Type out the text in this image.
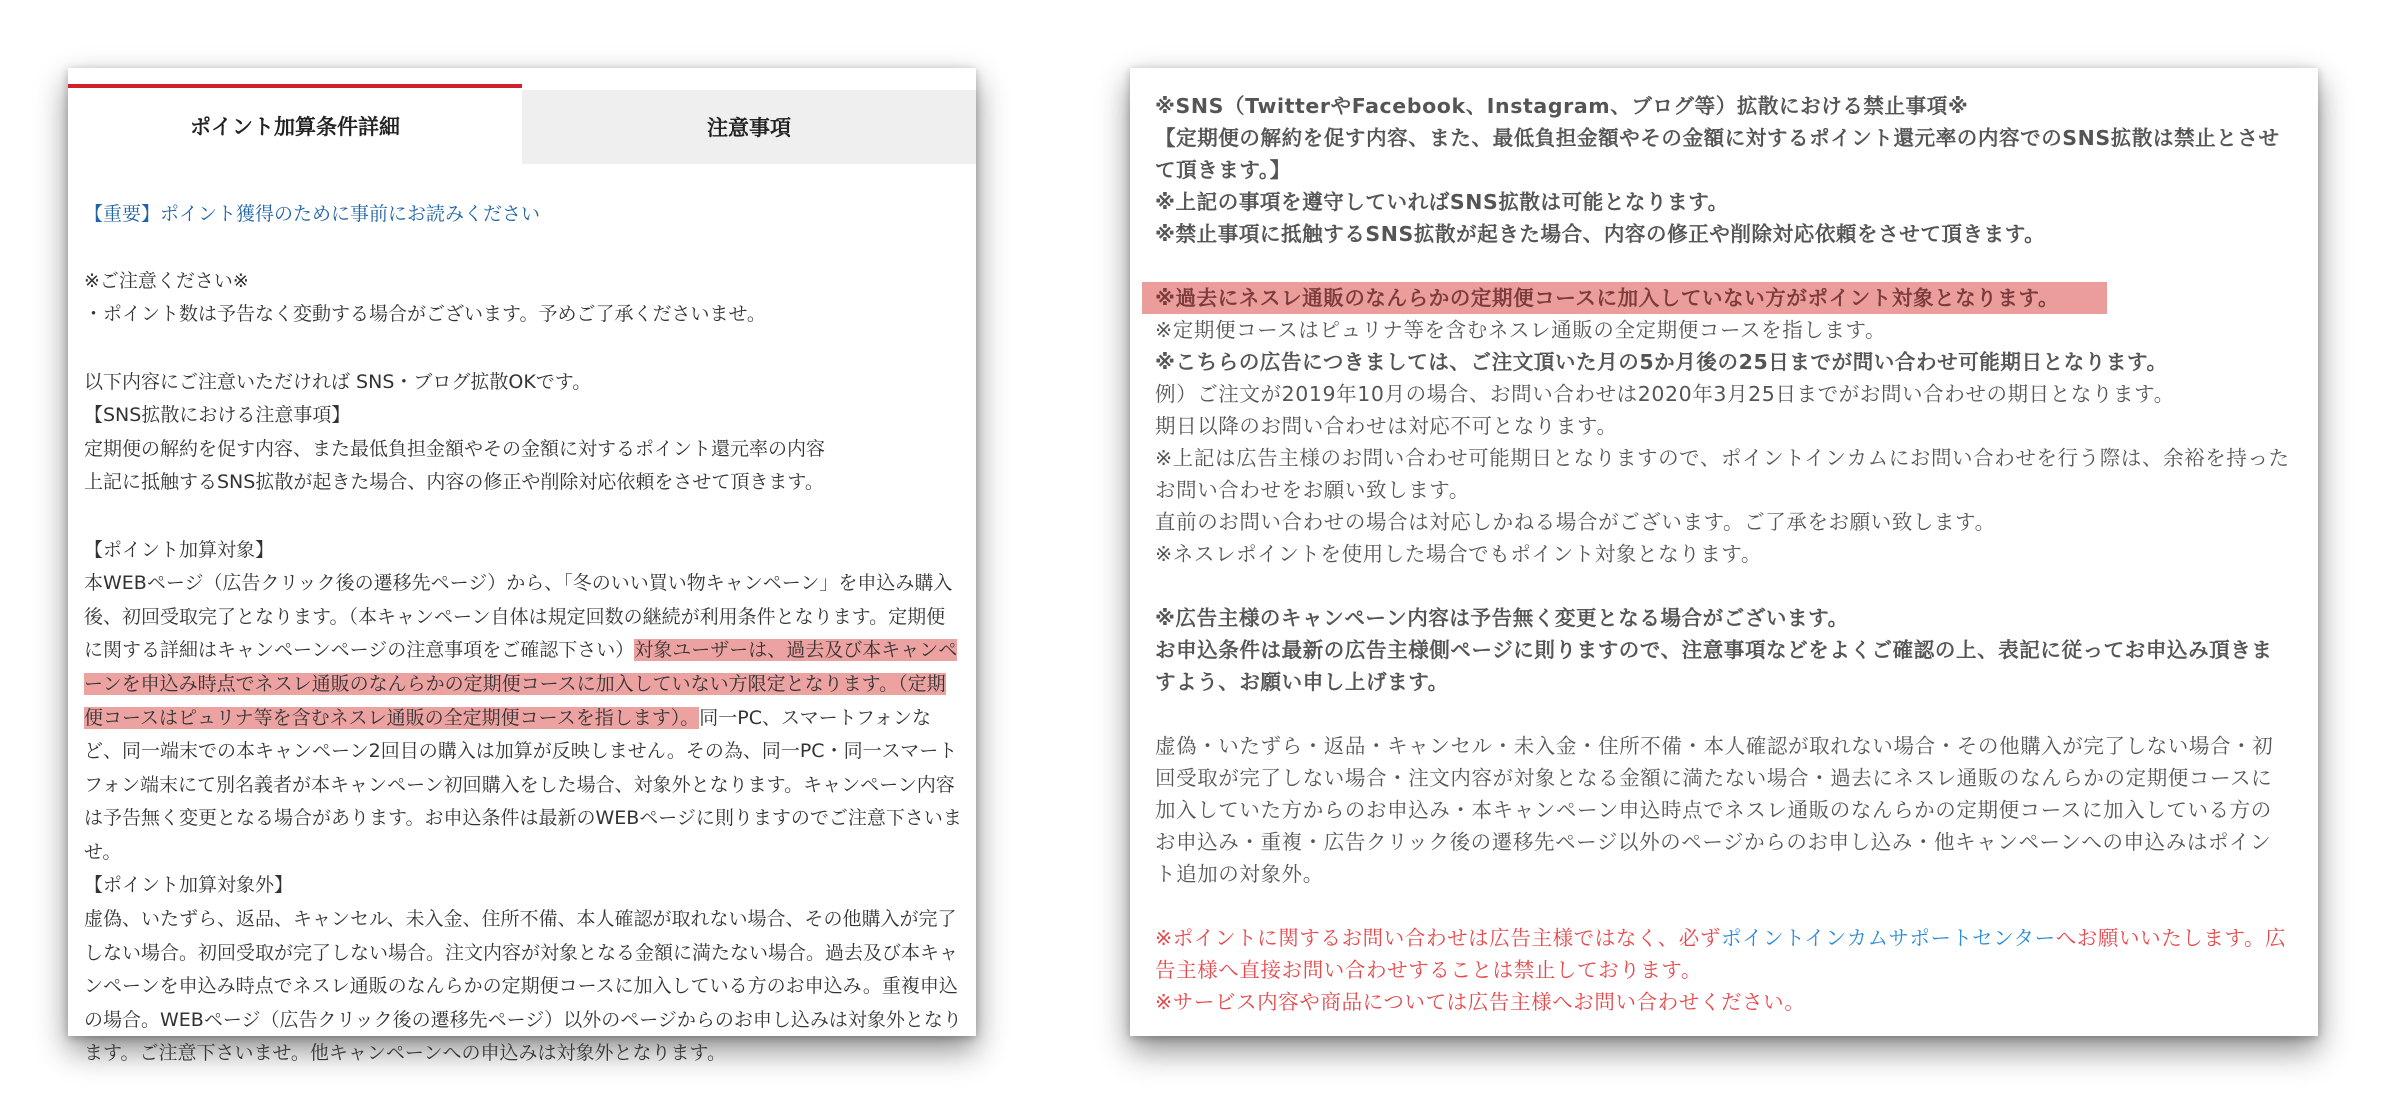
ポイント加算条件詳細	注意事項

【重要】ポイント獲得のために事前にお読みください

※ご注意ください※

・ポイント数は予告なく変動する場合がございます。予めご了承くださいませ。

以下内容にご注意いただければ SNS・ブログ拡散OKです。

【SNS拡散における注意事項】

定期便の解約を促す内容、また最低負担金額やその金額に対するポイント還元率の内容

上記に抵触するSNS拡散が起きた場合、内容の修正や削除対応依頼をさせて頂きます。

【ポイント加算対象】

本WEBページ（広告クリック後の遷移先ページ）から、「冬のいい買い物キャンペーン」を申込み購入後、初回受取完了となります。（本キャンペーン自体は規定回数の継続が利用条件となります。定期便に関する詳細はキャンペーンページの注意事項をご確認下さい）対象ユーザーは、過去及び本キャンペーンを申込み時点でネスレ通販のなんらかの定期便コースに加入していない方限定となります。（定期便コースはピュリナ等を含むネスレ通販の全定期便コースを指します）。同一PC、スマートフォンなど、同一端末での本キャンペーン2回目の購入は加算が反映しません。その為、同一PC・同一スマートフォン端末にて別名義者が本キャンペーン初回購入をした場合、対象外となります。キャンペーン内容は予告無く変更となる場合があります。お申込条件は最新のWEBページに則りますのでご注意下さいませ。

【ポイント加算対象外】

虚偽、いたずら、返品、キャンセル、未入金、住所不備、本人確認が取れない場合、その他購入が完了しない場合。初回受取が完了しない場合。注文内容が対象となる金額に満たない場合。過去及び本キャンペーンを申込み時点でネスレ通販のなんらかの定期便コースに加入している方のお申込み。重複申込の場合。WEBページ（広告クリック後の遷移先ページ）以外のページからのお申し込みは対象外となります。ご注意下さいませ。他キャンペーンへの申込みは対象外となります。

※SNS（TwitterやFacebook、Instagram、ブログ等）拡散における禁止事項※

【定期便の解約を促す内容、また、最低負担金額やその金額に対するポイント還元率の内容でのSNS拡散は禁止とさせて頂きます。】

※上記の事項を遵守していればSNS拡散は可能となります。

※禁止事項に抵触するSNS拡散が起きた場合、内容の修正や削除対応依頼をさせて頂きます。

※過去にネスレ通販のなんらかの定期便コースに加入していない方がポイント対象となります。

※定期便コースはピュリナ等を含むネスレ通販の全定期便コースを指します。

※こちらの広告につきましては、ご注文頂いた月の5か月後の25日までが問い合わせ可能期日となります。

例）ご注文が2019年10月の場合、お問い合わせは2020年3月25日までがお問い合わせの期日となります。

期日以降のお問い合わせは対応不可となります。

※上記は広告主様のお問い合わせ可能期日となりますので、ポイントインカムにお問い合わせを行う際は、余裕を持ったお問い合わせをお願い致します。

直前のお問い合わせの場合は対応しかねる場合がございます。ご了承をお願い致します。

※ネスレポイントを使用した場合でもポイント対象となります。

※広告主様のキャンペーン内容は予告無く変更となる場合がございます。

お申込条件は最新の広告主様側ページに則りますので、注意事項などをよくご確認の上、表記に従ってお申込み頂きますよう、お願い申し上げます。

虚偽・いたずら・返品・キャンセル・未入金・住所不備・本人確認が取れない場合・その他購入が完了しない場合・初回受取が完了しない場合・注文内容が対象となる金額に満たない場合・過去にネスレ通販のなんらかの定期便コースに加入していた方からのお申込み・本キャンペーン申込時点でネスレ通販のなんらかの定期便コースに加入している方のお申込み・重複・広告クリック後の遷移先ページ以外のページからのお申し込み・他キャンペーンへの申込みはポイント追加の対象外。

※ポイントに関するお問い合わせは広告主様ではなく、必ずポイントインカムサポートセンターへお願いいたします。広告主様へ直接お問い合わせすることは禁止しております。

※サービス内容や商品については広告主様へお問い合わせください。
